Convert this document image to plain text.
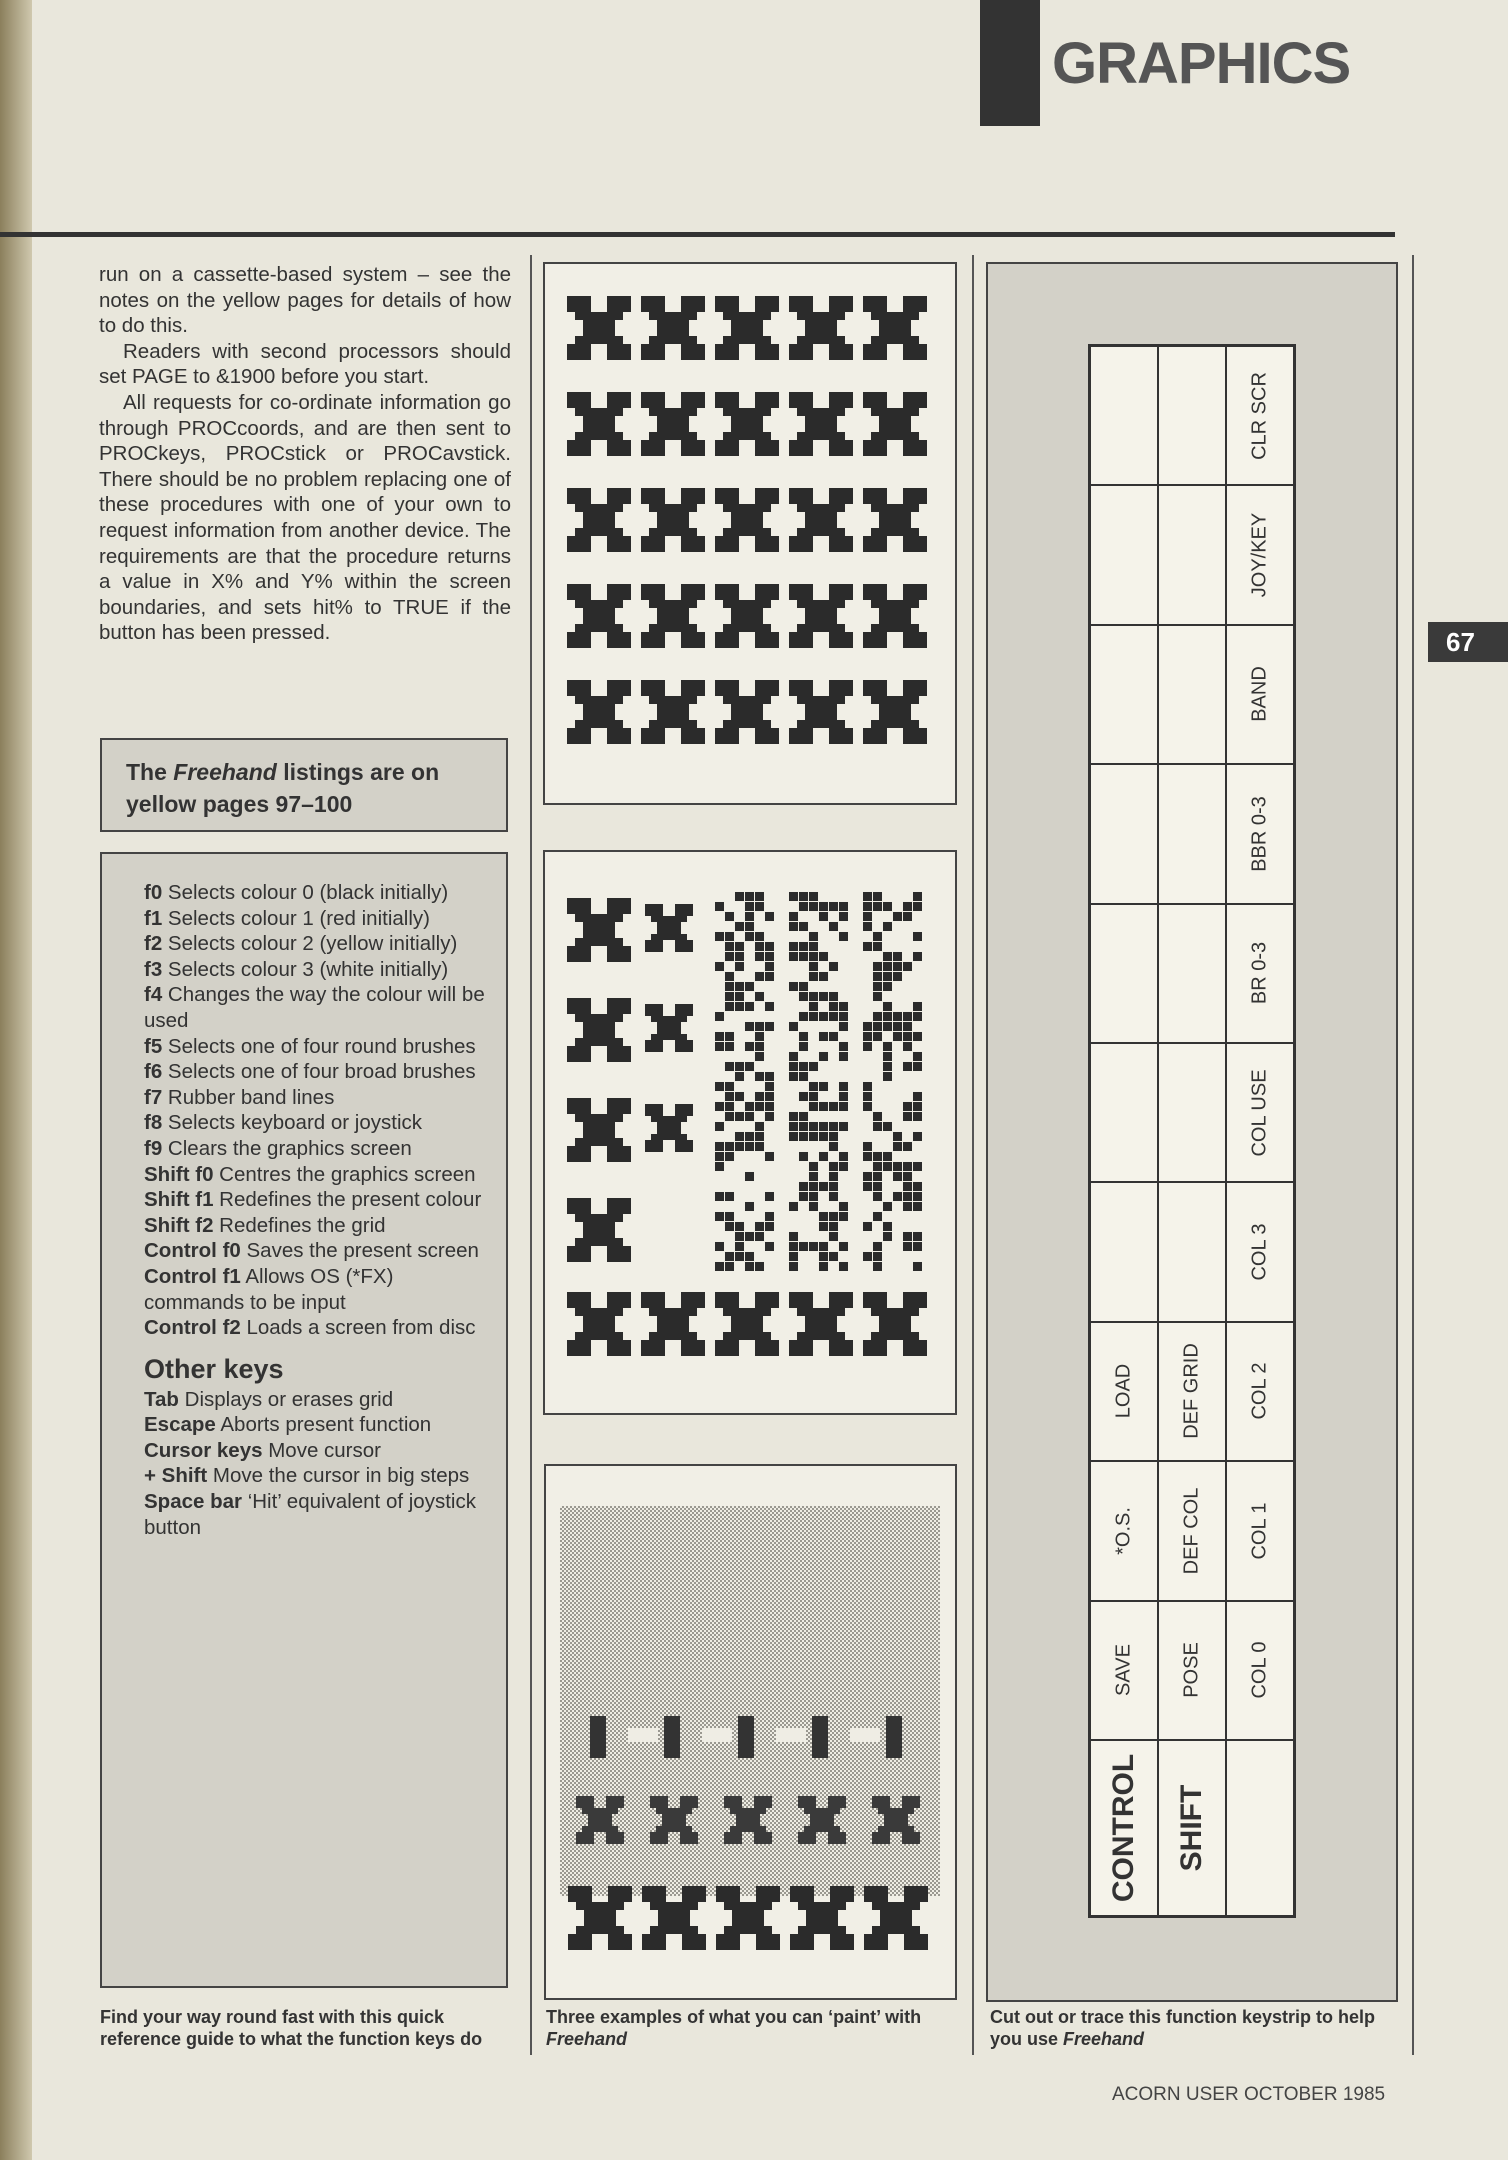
GRAPHICS
67

run on a cassette-based system – see the notes on the yellow pages for details of how to do this.

Readers with second processors should set PAGE to &1900 before you start.

All requests for co-ordinate information go through PROCcoords, and are then sent to PROCkeys, PROCstick or PROCavstick. There should be no problem replacing one of these procedures with one of your own to request information from another device. The requirements are that the procedure returns a value in X% and Y% within the screen boundaries, and sets hit% to TRUE if the button has been pressed.

The Freehand listings are on yellow pages 97–100
f0 Selects colour 0 (black initially)
f1 Selects colour 1 (red initially)
f2 Selects colour 2 (yellow initially)
f3 Selects colour 3 (white initially)
f4 Changes the way the colour will be used
f5 Selects one of four round brushes
f6 Selects one of four broad brushes
f7 Rubber band lines
f8 Selects keyboard or joystick
f9 Clears the graphics screen
Shift f0 Centres the graphics screen
Shift f1 Redefines the present colour
Shift f2 Redefines the grid
Control f0 Saves the present screen
Control f1 Allows OS (*FX) commands to be input
Control f2 Loads a screen from disc
Other keys
Tab Displays or erases grid
Escape Aborts present function
Cursor keys Move cursor
+ Shift Move the cursor in big steps
Space bar ‘Hit’ equivalent of joystick button
Find your way round fast with this quick reference guide to what the function keys do
Three examples of what you can ‘paint’ with Freehand
Cut out or trace this function keystrip to help you use Freehand
CONTROL
SAVE
*O.S.
LOAD
SHIFT
POSE
DEF COL
DEF GRID
COL 0
COL 1
COL 2
COL 3
COL USE
BR 0-3
BBR 0-3
BAND
JOY/KEY
CLR SCR
ACORN USER OCTOBER 1985
